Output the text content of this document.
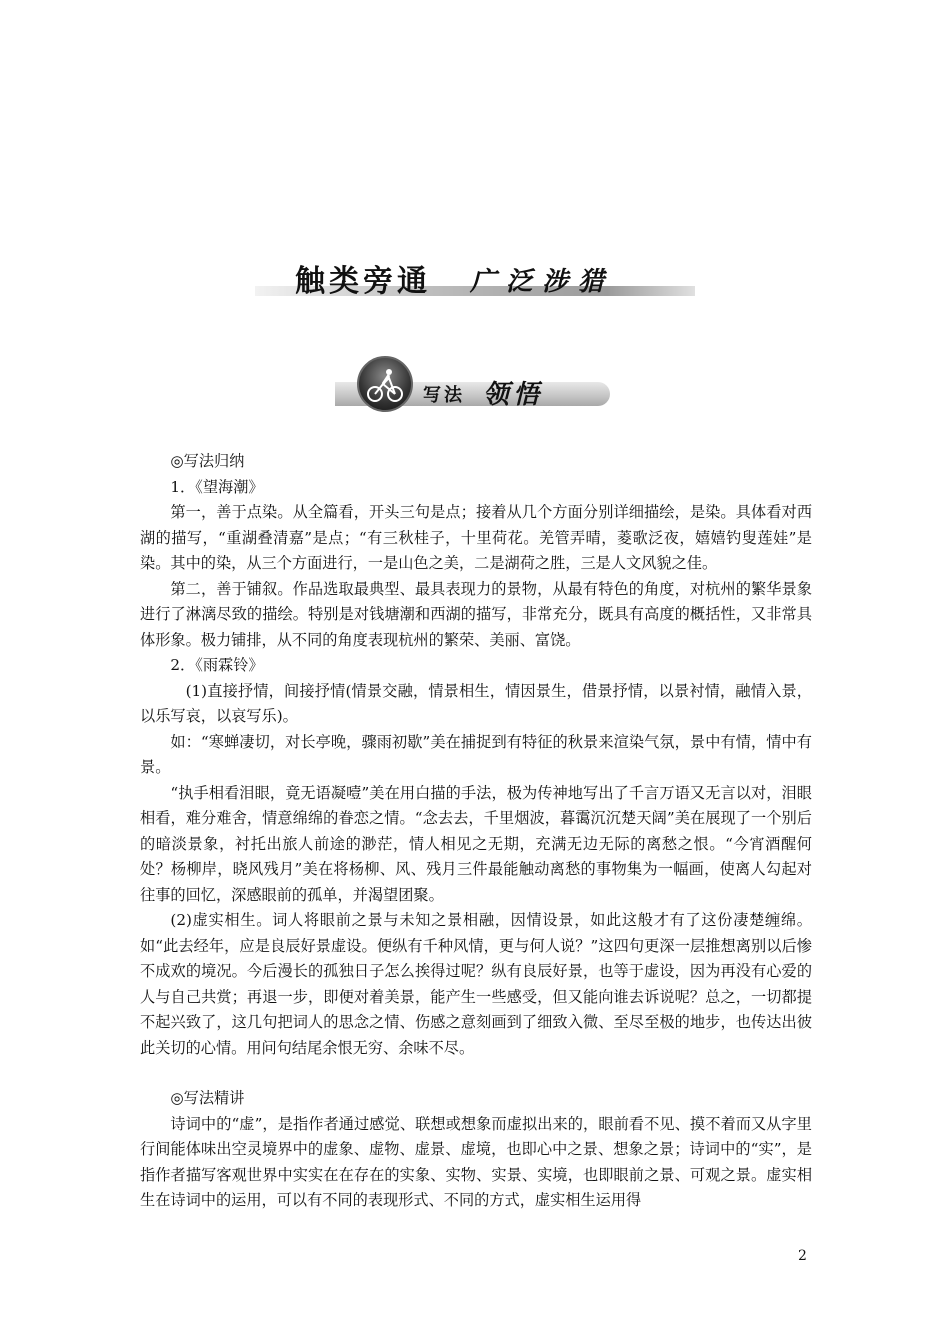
触类旁通 广泛涉猎
写法 领悟

◎写法归纳

1．《望海潮》

第一，善于点染。从全篇看，开头三句是点；接着从几个方面分别详细描绘，是染。具体看对西湖的描写，“重湖叠清嘉”是点；“有三秋桂子，十里荷花。羌管弄晴，菱歌泛夜，嬉嬉钓叟莲娃”是染。其中的染，从三个方面进行，一是山色之美，二是湖荷之胜，三是人文风貌之佳。

第二，善于铺叙。作品选取最典型、最具表现力的景物，从最有特色的角度，对杭州的繁华景象进行了淋漓尽致的描绘。特别是对钱塘潮和西湖的描写，非常充分，既具有高度的概括性，又非常具体形象。极力铺排，从不同的角度表现杭州的繁荣、美丽、富饶。

2．《雨霖铃》

(1)直接抒情，间接抒情(情景交融，情景相生，情因景生，借景抒情，以景衬情，融情入景，以乐写哀，以哀写乐)。

如：“寒蝉凄切，对长亭晚，骤雨初歇”美在捕捉到有特征的秋景来渲染气氛，景中有情，情中有景。

“执手相看泪眼，竟无语凝噎”美在用白描的手法，极为传神地写出了千言万语又无言以对，泪眼相看，难分难舍，情意绵绵的眷恋之情。“念去去，千里烟波，暮霭沉沉楚天阔”美在展现了一个别后的暗淡景象，衬托出旅人前途的渺茫，情人相见之无期，充满无边无际的离愁之恨。“今宵酒醒何处？杨柳岸，晓风残月”美在将杨柳、风、残月三件最能触动离愁的事物集为一幅画，使离人勾起对往事的回忆，深感眼前的孤单，并渴望团聚。

(2)虚实相生。词人将眼前之景与未知之景相融，因情设景，如此这般才有了这份凄楚缠绵。如“此去经年，应是良辰好景虚设。便纵有千种风情，更与何人说？”这四句更深一层推想离别以后惨不成欢的境况。今后漫长的孤独日子怎么挨得过呢？纵有良辰好景，也等于虚设，因为再没有心爱的人与自己共赏；再退一步，即便对着美景，能产生一些感受，但又能向谁去诉说呢？总之，一切都提不起兴致了，这几句把词人的思念之情、伤感之意刻画到了细致入微、至尽至极的地步，也传达出彼此关切的心情。用问句结尾余恨无穷、余味不尽。

◎写法精讲

诗词中的“虚”，是指作者通过感觉、联想或想象而虚拟出来的，眼前看不见、摸不着而又从字里行间能体味出空灵境界中的虚象、虚物、虚景、虚境，也即心中之景、想象之景；诗词中的“实”，是指作者描写客观世界中实实在在存在的实象、实物、实景、实境，也即眼前之景、可观之景。虚实相生在诗词中的运用，可以有不同的表现形式、不同的方式，虚实相生运用得

2
